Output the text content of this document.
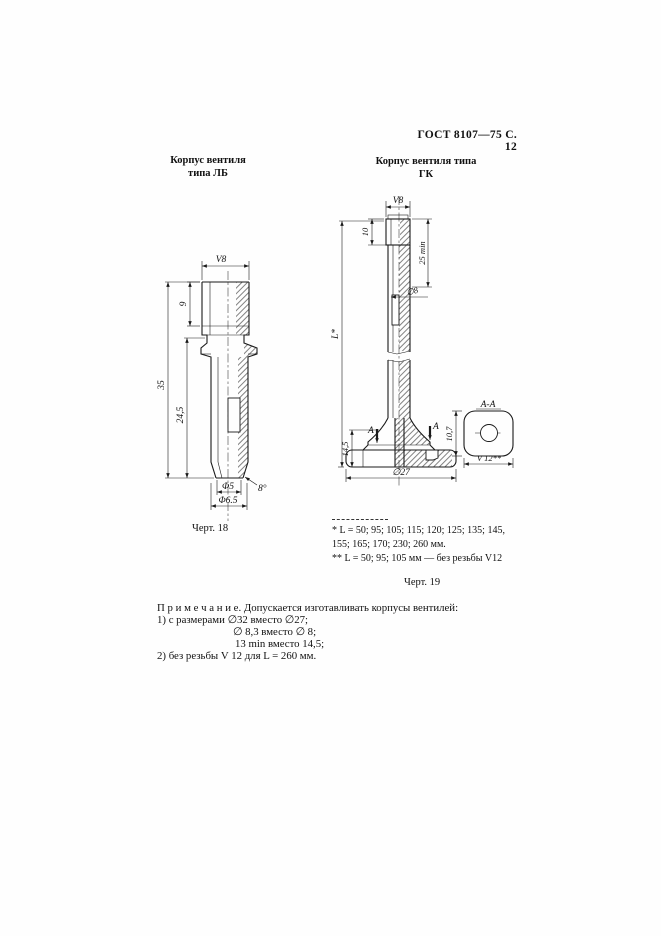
ГОСТ 8107—75 С. 12
Корпус вентиля
типа ЛБ
Корпус вентиля типа ГК
V8
9
24,5
35
Φ5
Φ6.5
8°
Черт. 18
A	A
V8
10
25 min
∅8
L*
14,5
∅27
A-A
10,7
V 12**
* L = 50; 95; 105; 115; 120; 125; 135; 145,
155; 165; 170; 230; 260 мм.
** L = 50; 95; 105 мм — без резьбы V12
Черт. 19
П р и м е ч а н и е. Допускается изготавливать корпусы вентилей:
1) с размерами ∅32 вместо ∅27;
∅ 8,3 вместо ∅ 8;
13 min вместо 14,5;
2) без резьбы V 12 для L = 260 мм.
